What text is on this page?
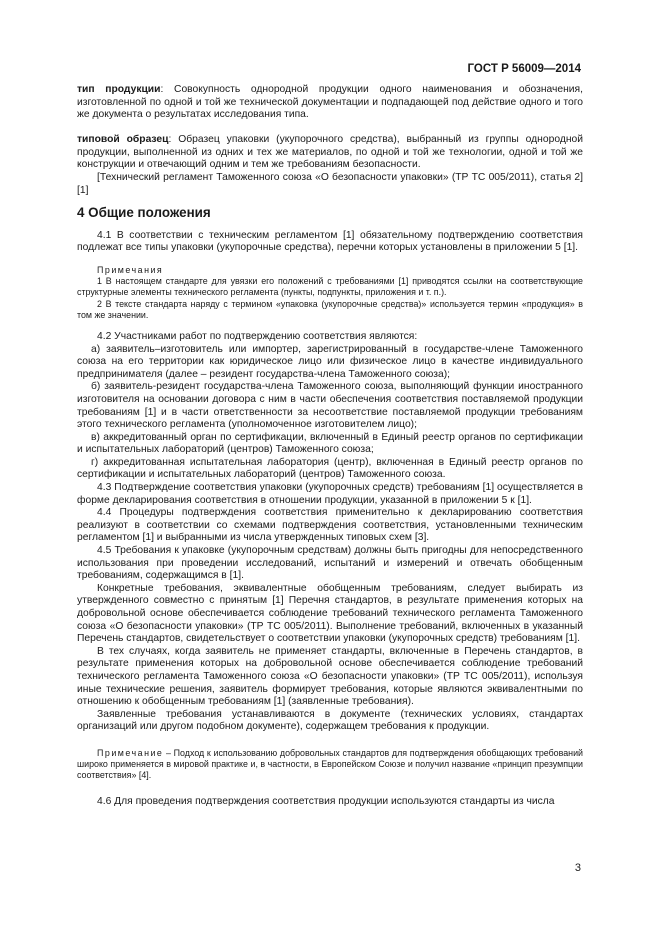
ГОСТ Р 56009—2014

тип продукции: Совокупность однородной продукции одного наименования и обозначения, изготовленной по одной и той же технической документации и подпадающей под действие одного и того же документа о результатах исследования типа.

типовой образец: Образец упаковки (укупорочного средства), выбранный из группы однородной продукции, выполненной из одних и тех же материалов, по одной и той же технологии, одной и той же конструкции и отвечающий одним и тем же требованиям безопасности.

[Технический регламент Таможенного союза «О безопасности упаковки» (ТР ТС 005/2011), статья 2] [1]

4 Общие положения

4.1 В соответствии с техническим регламентом [1] обязательному подтверждению соответствия подлежат все типы упаковки (укупорочные средства), перечни которых установлены в приложении 5 [1].

Примечания

1 В настоящем стандарте для увязки его положений с требованиями [1] приводятся ссылки на соответствующие структурные элементы технического регламента (пункты, подпункты, приложения и т. п.).

2 В тексте стандарта наряду с термином «упаковка (укупорочные средства)» используется термин «продукция» в том же значении.

4.2 Участниками работ по подтверждению соответствия являются:

а) заявитель–изготовитель или импортер, зарегистрированный в государстве-члене Таможенного союза на его территории как юридическое лицо или физическое лицо в качестве индивидуального предпринимателя (далее – резидент государства-члена Таможенного союза);

б) заявитель-резидент государства-члена Таможенного союза, выполняющий функции иностранного изготовителя на основании договора с ним в части обеспечения соответствия поставляемой продукции требованиям [1] и в части ответственности за несоответствие поставляемой продукции требованиям этого технического регламента (уполномоченное изготовителем лицо);

в) аккредитованный орган по сертификации, включенный в Единый реестр органов по сертификации и испытательных лабораторий (центров) Таможенного союза;

г) аккредитованная испытательная лаборатория (центр), включенная в Единый реестр органов по сертификации и испытательных лабораторий (центров) Таможенного союза.

4.3 Подтверждение соответствия упаковки (укупорочных средств) требованиям [1] осуществляется в форме декларирования соответствия в отношении продукции, указанной в приложении 5 к [1].

4.4 Процедуры подтверждения соответствия применительно к декларированию соответствия реализуют в соответствии со схемами подтверждения соответствия, установленными техническим регламентом [1] и выбранными из числа утвержденных типовых схем [3].

4.5 Требования к упаковке (укупорочным средствам) должны быть пригодны для непосредственного использования при проведении исследований, испытаний и измерений и отвечать обобщенным требованиям, содержащимся в [1].

Конкретные требования, эквивалентные обобщенным требованиям, следует выбирать из утвержденного совместно с принятым [1] Перечня стандартов, в результате применения которых на добровольной основе обеспечивается соблюдение требований технического регламента Таможенного союза «О безопасности упаковки» (ТР ТС 005/2011). Выполнение требований, включенных в указанный Перечень стандартов, свидетельствует о соответствии упаковки (укупорочных средств) требованиям [1].

В тех случаях, когда заявитель не применяет стандарты, включенные в Перечень стандартов, в результате применения которых на добровольной основе обеспечивается соблюдение требований технического регламента Таможенного союза «О безопасности упаковки» (ТР ТС 005/2011), используя иные технические решения, заявитель формирует требования, которые являются эквивалентными по отношению к обобщенным требованиям [1] (заявленные требования).

Заявленные требования устанавливаются в документе (технических условиях, стандартах организаций или другом подобном документе), содержащем требования к продукции.

Примечание – Подход к использованию добровольных стандартов для подтверждения обобщающих требований широко применяется в мировой практике и, в частности, в Европейском Союзе и получил название «принцип презумпции соответствия» [4].

4.6 Для проведения подтверждения соответствия продукции используются стандарты из числа

3
